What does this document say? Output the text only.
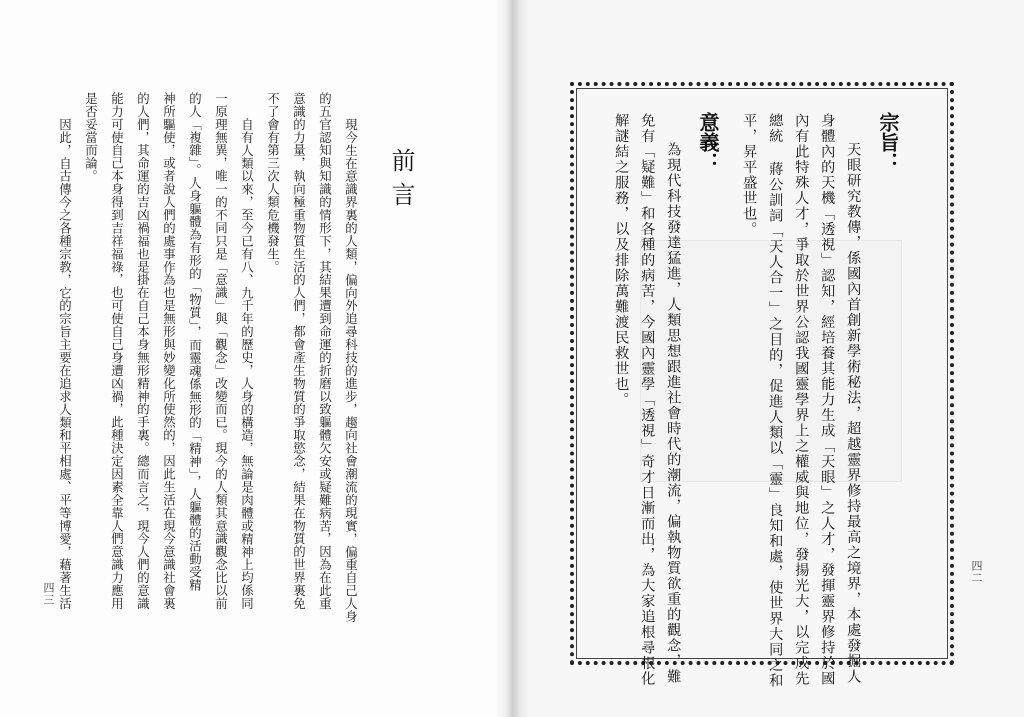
前言
現今生在意識界裏的人類，偏向外追尋科技的進步，趨向社會潮流的現實，偏重自己人身
的五官認知與知識的情形下，其結果遭到命運的折磨以致軀體欠安或疑難病苦，因為在此重
意識的力量，執向極重物質生活的人們，都會產生物質的爭取慾念，結果在物質的世界裏免
不了會有第三次人類危機發生。
自有人類以來，至今已有八、九千年的歷史，人身的構造，無論是肉體或精神上均係同
一原理無異，唯一的不同只是「意識」與「觀念」改變而已。現今的人類其意識觀念比以前
的人「複雜」。人身軀體為有形的「物質」，而靈魂係無形的「精神」，人軀體的活動受精
神所驅使，或者說人們的處事作為也是無形與妙變化所使然的，因此生活在現今意識社會裏
的人們，其命運的吉凶禍福也是掛在自己本身無形精神的手裏。總而言之，現今人們的意識
能力可使自己本身得到吉祥福祿，也可使自己身遭凶禍，此種決定因素全靠人們意識力應用
是否妥當而論。
因此，自古傳今之各種宗教，它的宗旨主要在追求人類和平相處、平等博愛，藉著生活
四三
宗旨：
天眼研究教傳，係國內首創新學術秘法，超越靈界修持最高之境界，本處發掘人
身體內的天機「透視」認知，經培養其能力生成「天眼」之人才，發揮靈界修持於國
內有此特殊人才，爭取於世界公認我國靈學界上之權威與地位，發揚光大，以完成先
總統 蔣公訓詞「天人合一」之目的，促進人類以「靈」良知和處，使世界大同之和
平，昇平盛世也。
意義：
為現代科技發達猛進，人類思想跟進社會時代的潮流，偏執物質欲重的觀念，難
免有「疑難」和各種的病苦，今國內靈學「透視」奇才日漸而出，為大家追根尋根化
解謎結之服務，以及排除萬難渡民救世也。
四二
